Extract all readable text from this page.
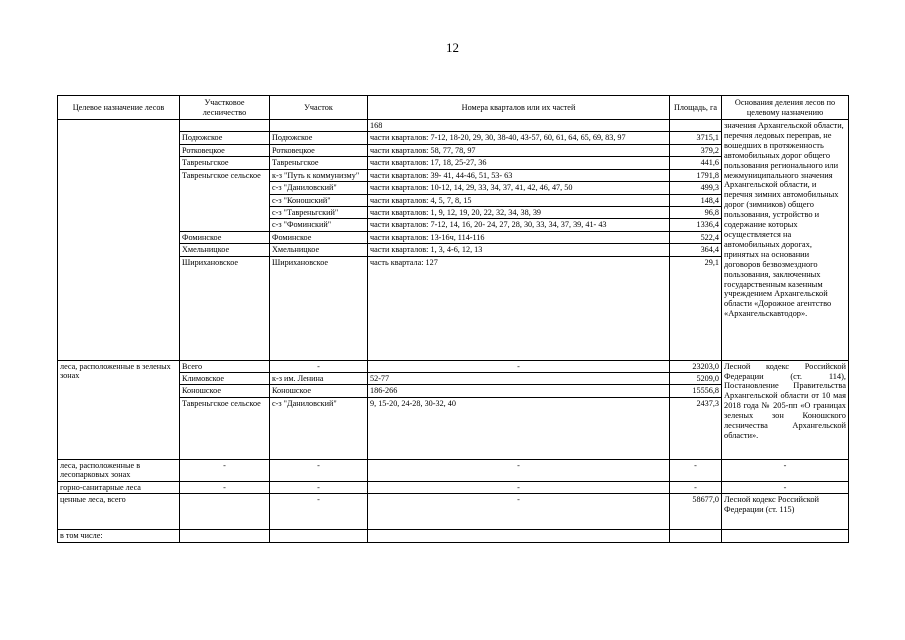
12
Целевое назначение лесов	Участковое лесничество	Участок	Номера кварталов или их частей	Площадь, га	Основания деления лесов по целевому назначению
			168		значения Архангельской области, перечня ледовых переправ, не вошедших в протяженность автомобильных дорог общего пользования регионального или межмуниципального значения Архангельской области, и перечня зимних автомобильных дорог (зимников) общего пользования, устройство и содержание которых осуществляется на автомобильных дорогах, принятых на основании договоров безвозмездного пользования, заключенных государственным казенным учреждением Архангельской области «Дорожное агентство «Архангельскавтодор».
	Подюжское	Подюжское	части кварталов: 7-12, 18-20, 29, 30, 38-40, 43-57, 60, 61, 64, 65, 69, 83, 97	3715,1	
	Ротковецкое	Ротковецкое	части кварталов: 58, 77, 78, 97	379,2	
	Тавреньгское	Тавреньгское	части кварталов: 17, 18, 25-27, 36	441,6	
	Тавреньгское сельское	к-з "Путь к коммунизму"	части кварталов: 39- 41, 44-46, 51, 53- 63	1791,8	
		с-з "Даниловский"	части кварталов: 10-12, 14, 29, 33, 34, 37, 41, 42, 46, 47, 50	499,3	
		с-з "Коношский"	части кварталов: 4, 5, 7, 8, 15	148,4	
		с-з "Тавреньгский"	части кварталов: 1, 9, 12, 19, 20, 22, 32, 34, 38, 39	96,8	
		с-з "Фоминский"	части кварталов: 7-12, 14, 16, 20- 24, 27, 28, 30, 33, 34, 37, 39, 41- 43	1336,4	
	Фоминское	Фоминское	части кварталов: 13-16ч, 114-116	522,4	
	Хмельницкое	Хмельницкое	части кварталов: 1, 3, 4-6, 12, 13	364,4	
	Шириханoвское	Шириханoвское	часть квартала: 127	29,1	
леса, расположенные в зеленых зонах	Всего	-	-	23203,0	Лесной кодекс Российской Федерации (ст. 114), Постановление Правительства Архангельской области от 10 мая 2018 года № 205-пп «О границах зеленых зон Коношского лесничества Архангельской области».
	Климовское	к-з им. Ленина	52-77	5209,0	
	Коношское	Коношское	186-266	15556,8	
	Тавреньгское сельское	с-з "Даниловский"	9, 15-20, 24-28, 30-32, 40	2437,3	
леса, расположенные в лесопарковых зонах	-	-	-	-	-
горно-санитарные леса	-	-	-	-	-
ценные леса, всего		-	-	58677,0	Лесной кодекс Российской Федерации (ст. 115)
в том числе:					
